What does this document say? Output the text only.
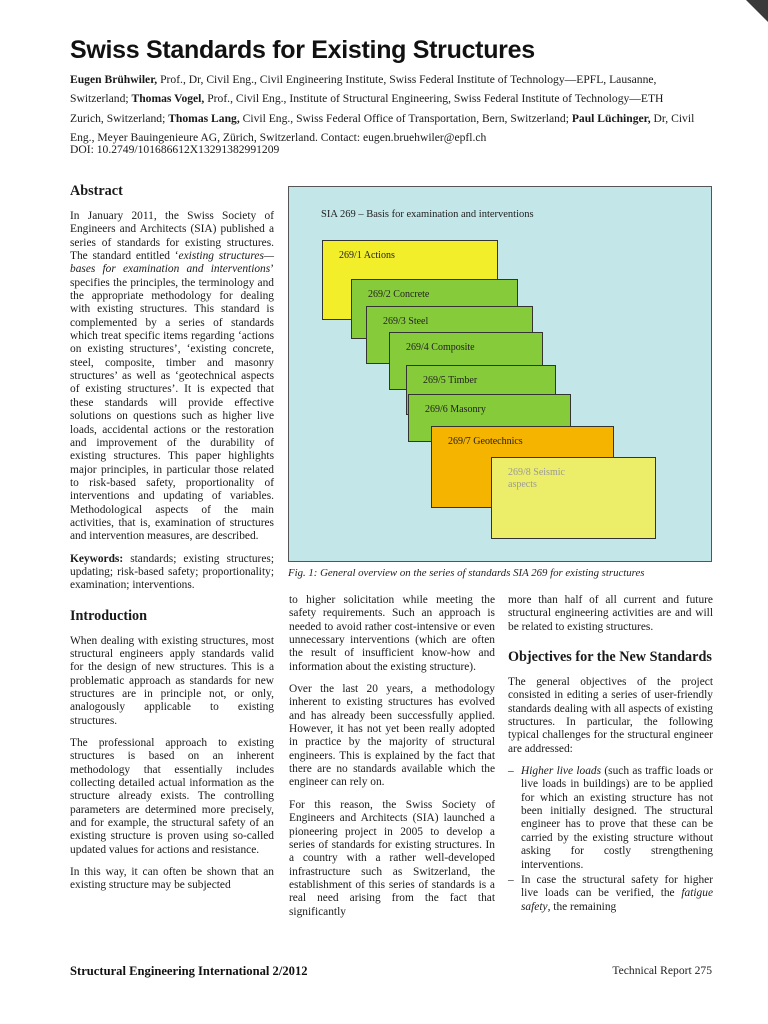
Swiss Standards for Existing Structures

Eugen Brühwiler, Prof., Dr, Civil Eng., Civil Engineering Institute, Swiss Federal Institute of Technology—EPFL, Lausanne, Switzerland; Thomas Vogel, Prof., Civil Eng., Institute of Structural Engineering, Swiss Federal Institute of Technology—ETH Zurich, Switzerland; Thomas Lang, Civil Eng., Swiss Federal Office of Transportation, Bern, Switzerland; Paul Lüchinger, Dr, Civil Eng., Meyer Bauingenieure AG, Zürich, Switzerland. Contact: eugen.bruehwiler@epfl.ch

DOI: 10.2749/101686612X13291382991209
Abstract

In January 2011, the Swiss Society of Engineers and Architects (SIA) published a series of standards for existing structures. The standard entitled ‘existing structures—bases for examination and interventions’ specifies the principles, the terminology and the appropriate methodology for dealing with existing structures. This standard is complemented by a series of standards which treat specific items regarding ‘actions on existing structures’, ‘existing concrete, steel, composite, timber and masonry structures’ as well as ‘geotechnical aspects of existing structures’. It is expected that these standards will provide effective solutions on questions such as higher live loads, accidental actions or the restoration and improvement of the durability of existing structures. This paper highlights major principles, in particular those related to risk-based safety, proportionality of interventions and updating of variables. Methodological aspects of the main activities, that is, examination of structures and intervention measures, are described.

Keywords: standards; existing structures; updating; risk-based safety; proportionality; examination; interventions.

Introduction

When dealing with existing structures, most structural engineers apply standards valid for the design of new structures. This is a problematic approach as standards for new structures are in principle not, or only, analogously applicable to existing structures.

The professional approach to existing structures is based on an inherent methodology that essentially includes collecting detailed actual information as the structure already exists. The controlling parameters are determined more precisely, and for example, the structural safety of an existing structure is proven using so-called updated values for actions and resistance.

In this way, it can often be shown that an existing structure may be subjected

SIA 269 – Basis for examination and interventions
269/1 Actions
269/2 Concrete
269/3 Steel
269/4 Composite
269/5 Timber
269/6 Masonry
269/7 Geotechnics
269/8 Seismic aspects
Fig. 1: General overview on the series of standards SIA 269 for existing structures

to higher solicitation while meeting the safety requirements. Such an approach is needed to avoid rather cost-intensive or even unnecessary interventions (which are often the result of insufficient know-how and information about the existing structure).

Over the last 20 years, a methodology inherent to existing structures has evolved and has already been successfully applied. However, it has not yet been really adopted in practice by the majority of structural engineers. This is explained by the fact that there are no standards available which the engineer can rely on.

For this reason, the Swiss Society of Engineers and Architects (SIA) launched a pioneering project in 2005 to develop a series of standards for existing structures. In a country with a rather well-developed infrastructure such as Switzerland, the establishment of this series of standards is a real need arising from the fact that significantly

more than half of all current and future structural engineering activities are and will be related to existing structures.

Objectives for the New Standards

The general objectives of the project consisted in editing a series of user-friendly standards dealing with all aspects of existing structures. In particular, the following typical challenges for the structural engineer are addressed:

– Higher live loads (such as traffic loads or live loads in buildings) are to be applied for which an existing structure has not been initially designed. The structural engineer has to prove that these can be carried by the existing structure without asking for costly strengthening interventions.
– In case the structural safety for higher live loads can be verified, the fatigue safety, the remaining
Structural Engineering International 2/2012	Technical Report 275
